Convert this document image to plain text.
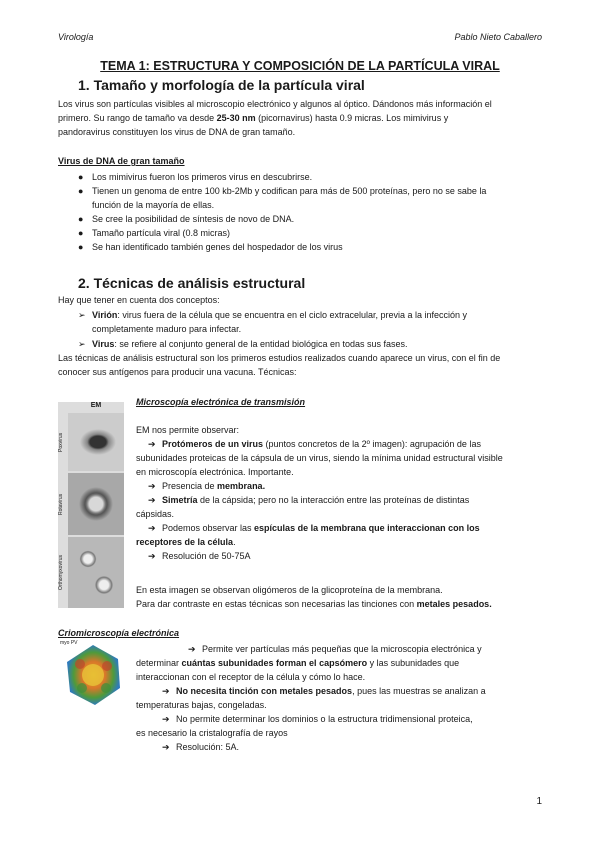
Virología	Pablo Nieto Caballero
TEMA 1: ESTRUCTURA Y COMPOSICIÓN DE LA PARTÍCULA VIRAL
1. Tamaño y morfología de la partícula viral
Los virus son partículas visibles al microscopio electrónico y algunos al óptico. Dándonos más información el
primero. Su rango de tamaño va desde 25-30 nm (picornavirus) hasta 0.9 micras. Los mimivirus y
pandoravirus constituyen los virus de DNA de gran tamaño.
Virus de DNA de gran tamaño
● Los mimivirus fueron los primeros virus en descubrirse.
● Tienen un genoma de entre 100 kb-2Mb y codifican para más de 500 proteínas, pero no se sabe la
función de la mayoría de ellas.
● Se cree la posibilidad de síntesis de novo de DNA.
● Tamaño partícula viral (0.8 micras)
● Se han identificado también genes del hospedador de los virus
2. Técnicas de análisis estructural
Hay que tener en cuenta dos conceptos:
➢ Virión: virus fuera de la célula que se encuentra en el ciclo extracelular, previa a la infección y
completamente maduro para infectar.
➢ Virus: se refiere al conjunto general de la entidad biológica en todas sus fases.
Las técnicas de análisis estructural son los primeros estudios realizados cuando aparece un virus, con el fin de
conocer sus antígenos para producir una vacuna. Técnicas:
EM
Poxvirus
Rotavirus
Orthomyxovirus
Microscopía electrónica de transmisión
EM nos permite observar:
➔ Protómeros de un virus (puntos concretos de la 2º imagen): agrupación de las
subunidades proteicas de la cápsula de un virus, siendo la mínima unidad estructural visible
en microscopía electrónica. Importante.
➔ Presencia de membrana.
➔ Simetría de la cápsida; pero no la interacción entre las proteínas de distintas
cápsidas.
➔ Podemos observar las espículas de la membrana que interaccionan con los
receptores de la célula.
➔ Resolución de 50-75A
En esta imagen se observan oligómeros de la glicoproteína de la membrana.
Para dar contraste en estas técnicas son necesarias las tinciones con metales pesados.
Criomicroscopía electrónica
myo PV
➔ Permite ver partículas más pequeñas que la microscopia electrónica y
determinar cuántas subunidades forman el capsómero y las subunidades que
interaccionan con el receptor de la célula y cómo lo hace.
➔ No necesita tinción con metales pesados, pues las muestras se analizan a
temperaturas bajas, congeladas.
➔ No permite determinar los dominios o la estructura tridimensional proteica,
es necesario la cristalografía de rayos
➔ Resolución: 5A.
1
